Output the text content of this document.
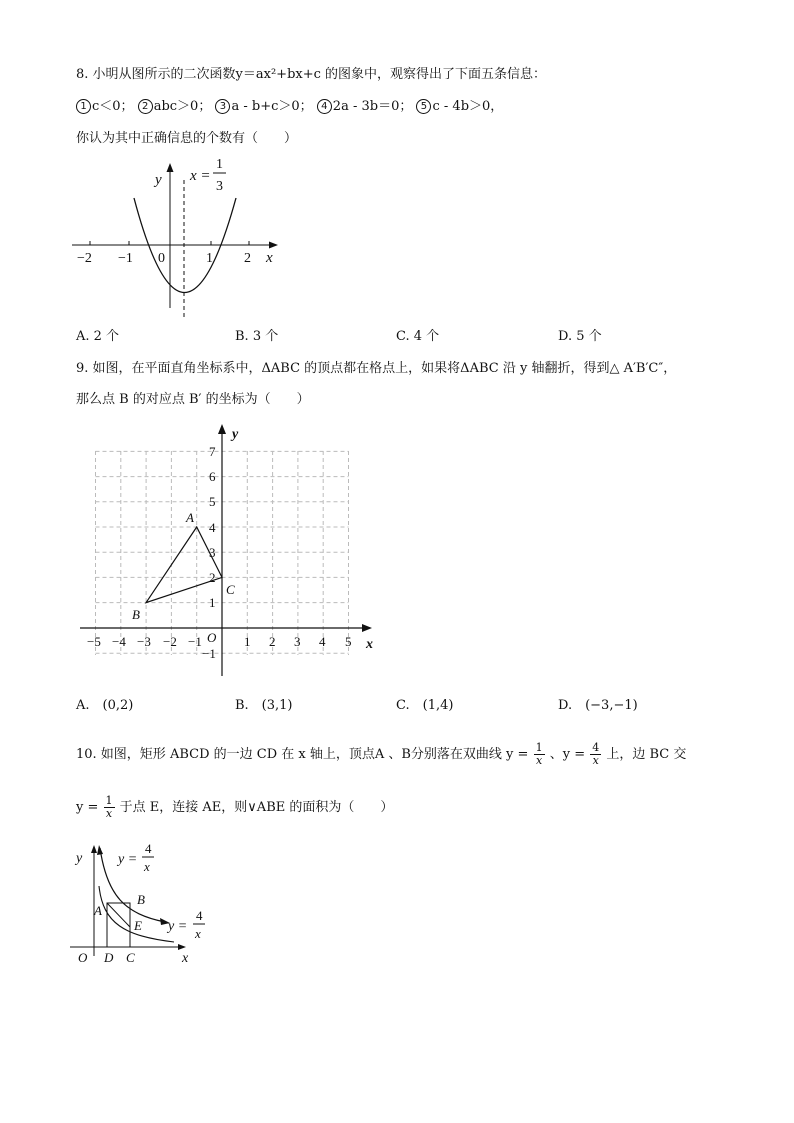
8. 小明从图所示的二次函数y＝ax²+bx+c 的图象中，观察得出了下面五条信息：
1 c＜0； 2 abc＞0； 3 a - b+c＞0； 4 2a - 3b＝0； 5 c - 4b＞0，
你认为其中正确信息的个数有（　　）
y
x
x =
1
3
−2 −1 0	1 2
A. 2 个	B. 3 个	C. 4 个	D. 5 个
9. 如图，在平面直角坐标系中，ΔABC 的顶点都在格点上，如果将ΔABC 沿 y 轴翻折，得到△ A′B′C″，
那么点 B 的对应点 B′ 的坐标为（　　）
y
x
O
A
B
C
−5 −4 −3 −2 −1	1 2 3 4 5
7
6
5
4
3
2
1
−1
A.　(0,2)	B.　(3,1)	C.　(1,4)	D.　(−3,−1)
10. 如图，矩形 ABCD 的一边 CD 在 x 轴上，顶点A 、B分别落在双曲线 $y = \frac{1}{x}$ 、$y = \frac{4}{x}$ 上，边 BC 交
$y = \frac{1}{x}$ 于点 E，连接 AE，则∨ABE 的面积为（　　）
y
x
O
A
B
C
D
E
y =
4
x
y =
4
x
